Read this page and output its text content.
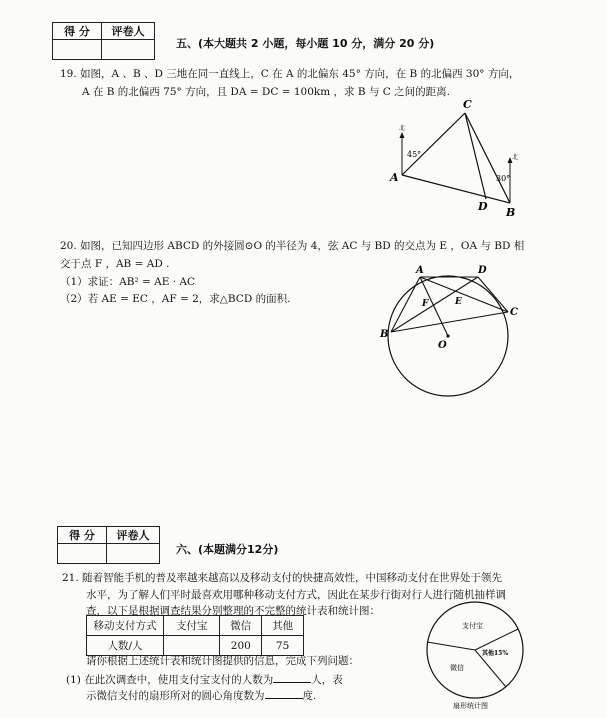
得 分	评卷人

五、(本大题共 2 小题，每小题 10 分，满分 20 分)
19. 如图，A 、B 、D 三地在同一直线上，C 在 A 的北偏东 45° 方向，在 B 的北偏西 30° 方向，
A 在 B 的北偏西 75° 方向，且 DA = DC = 100km ，求 B 与 C 之间的距离.
北
45°	北
30°
C
A
D B
20. 如图，已知四边形 ABCD 的外接圆⊙O 的半径为 4，弦 AC 与 BD 的交点为 E ，OA 与 BD 相
交于点 F ，AB = AD .
（1）求证：AB² = AE · AC
（2）若 AE = EC ，AF = 2，求△BCD 的面积.
A	D
B
C
F	E
O
得 分	评卷人

六、(本题满分12分)
21. 随着智能手机的普及率越来越高以及移动支付的快捷高效性，中国移动支付在世界处于领先
水平，为了解人们平时最喜欢用哪种移动支付方式，因此在某步行街对行人进行随机抽样调
查，以下是根据调查结果分别整理的不完整的统计表和统计图：
移动支付方式	支付宝	微信	其他
人数/人		200	75
请你根据上述统计表和统计图提供的信息，完成下列问题：
(1) 在此次调查中，使用支付宝支付的人数为	人，表
示微信支付的扇形所对的圆心角度数为	度.
支付宝
微信
其他15%
扇形统计图
